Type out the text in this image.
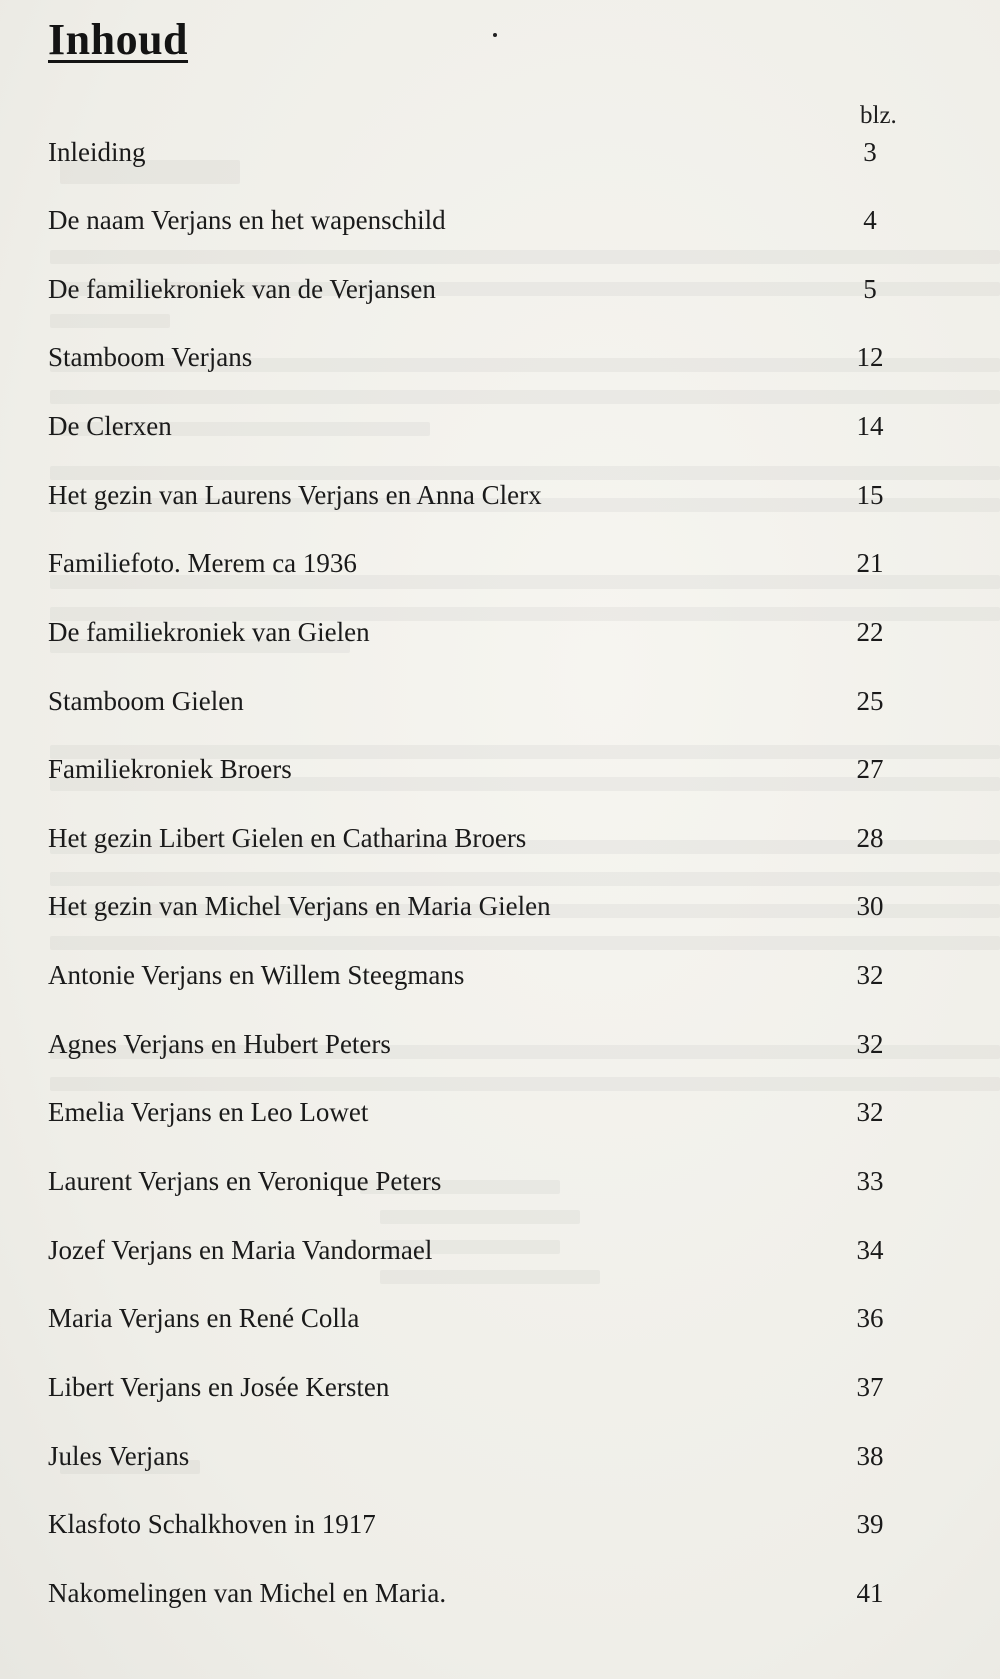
Inhoud
blz.
Inleiding	3
De naam Verjans en het wapenschild	4
De familiekroniek van de Verjansen	5
Stamboom Verjans	12
De Clerxen	14
Het gezin van Laurens Verjans en Anna Clerx	15
Familiefoto. Merem ca 1936	21
De familiekroniek van Gielen	22
Stamboom Gielen	25
Familiekroniek Broers	27
Het gezin Libert Gielen en Catharina Broers	28
Het gezin van Michel Verjans en Maria Gielen	30
Antonie Verjans en Willem Steegmans	32
Agnes Verjans en Hubert Peters	32
Emelia Verjans en Leo Lowet	32
Laurent Verjans en Veronique Peters	33
Jozef Verjans en Maria Vandormael	34
Maria Verjans en René Colla	36
Libert Verjans en Josée Kersten	37
Jules Verjans	38
Klasfoto Schalkhoven in 1917	39
Nakomelingen van Michel en Maria.	41
